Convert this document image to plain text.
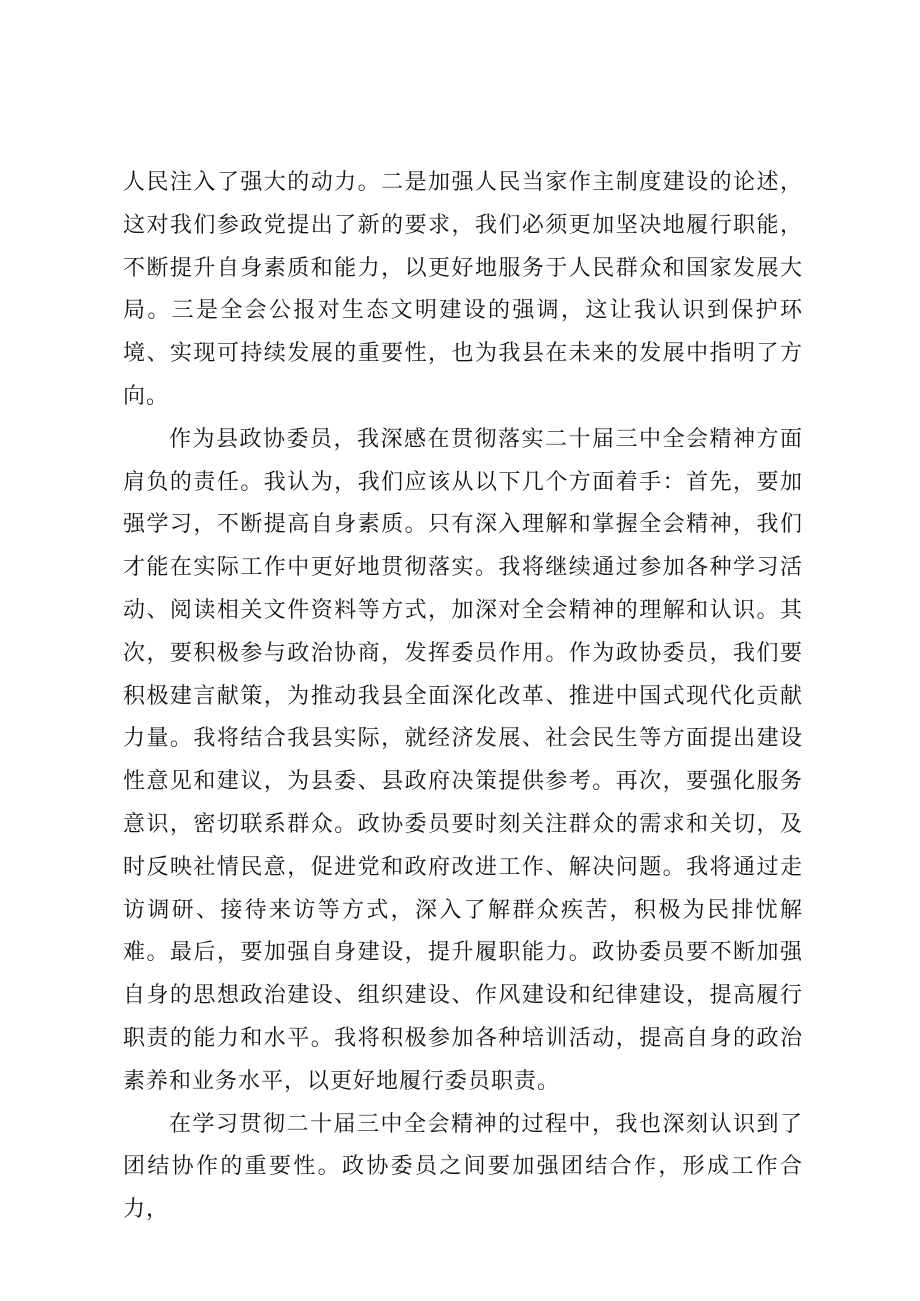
人民注入了强大的动力。二是加强人民当家作主制度建设的论述，这对我们参政党提出了新的要求，我们必须更加坚决地履行职能，不断提升自身素质和能力，以更好地服务于人民群众和国家发展大局。三是全会公报对生态文明建设的强调，这让我认识到保护环境、实现可持续发展的重要性，也为我县在未来的发展中指明了方向。

作为县政协委员，我深感在贯彻落实二十届三中全会精神方面肩负的责任。我认为，我们应该从以下几个方面着手：首先，要加强学习，不断提高自身素质。只有深入理解和掌握全会精神，我们才能在实际工作中更好地贯彻落实。我将继续通过参加各种学习活动、阅读相关文件资料等方式，加深对全会精神的理解和认识。其次，要积极参与政治协商，发挥委员作用。作为政协委员，我们要积极建言献策，为推动我县全面深化改革、推进中国式现代化贡献力量。我将结合我县实际，就经济发展、社会民生等方面提出建设性意见和建议，为县委、县政府决策提供参考。再次，要强化服务意识，密切联系群众。政协委员要时刻关注群众的需求和关切，及时反映社情民意，促进党和政府改进工作、解决问题。我将通过走访调研、接待来访等方式，深入了解群众疾苦，积极为民排忧解难。最后，要加强自身建设，提升履职能力。政协委员要不断加强自身的思想政治建设、组织建设、作风建设和纪律建设，提高履行职责的能力和水平。我将积极参加各种培训活动，提高自身的政治素养和业务水平，以更好地履行委员职责。

在学习贯彻二十届三中全会精神的过程中，我也深刻认识到了团结协作的重要性。政协委员之间要加强团结合作，形成工作合力，
